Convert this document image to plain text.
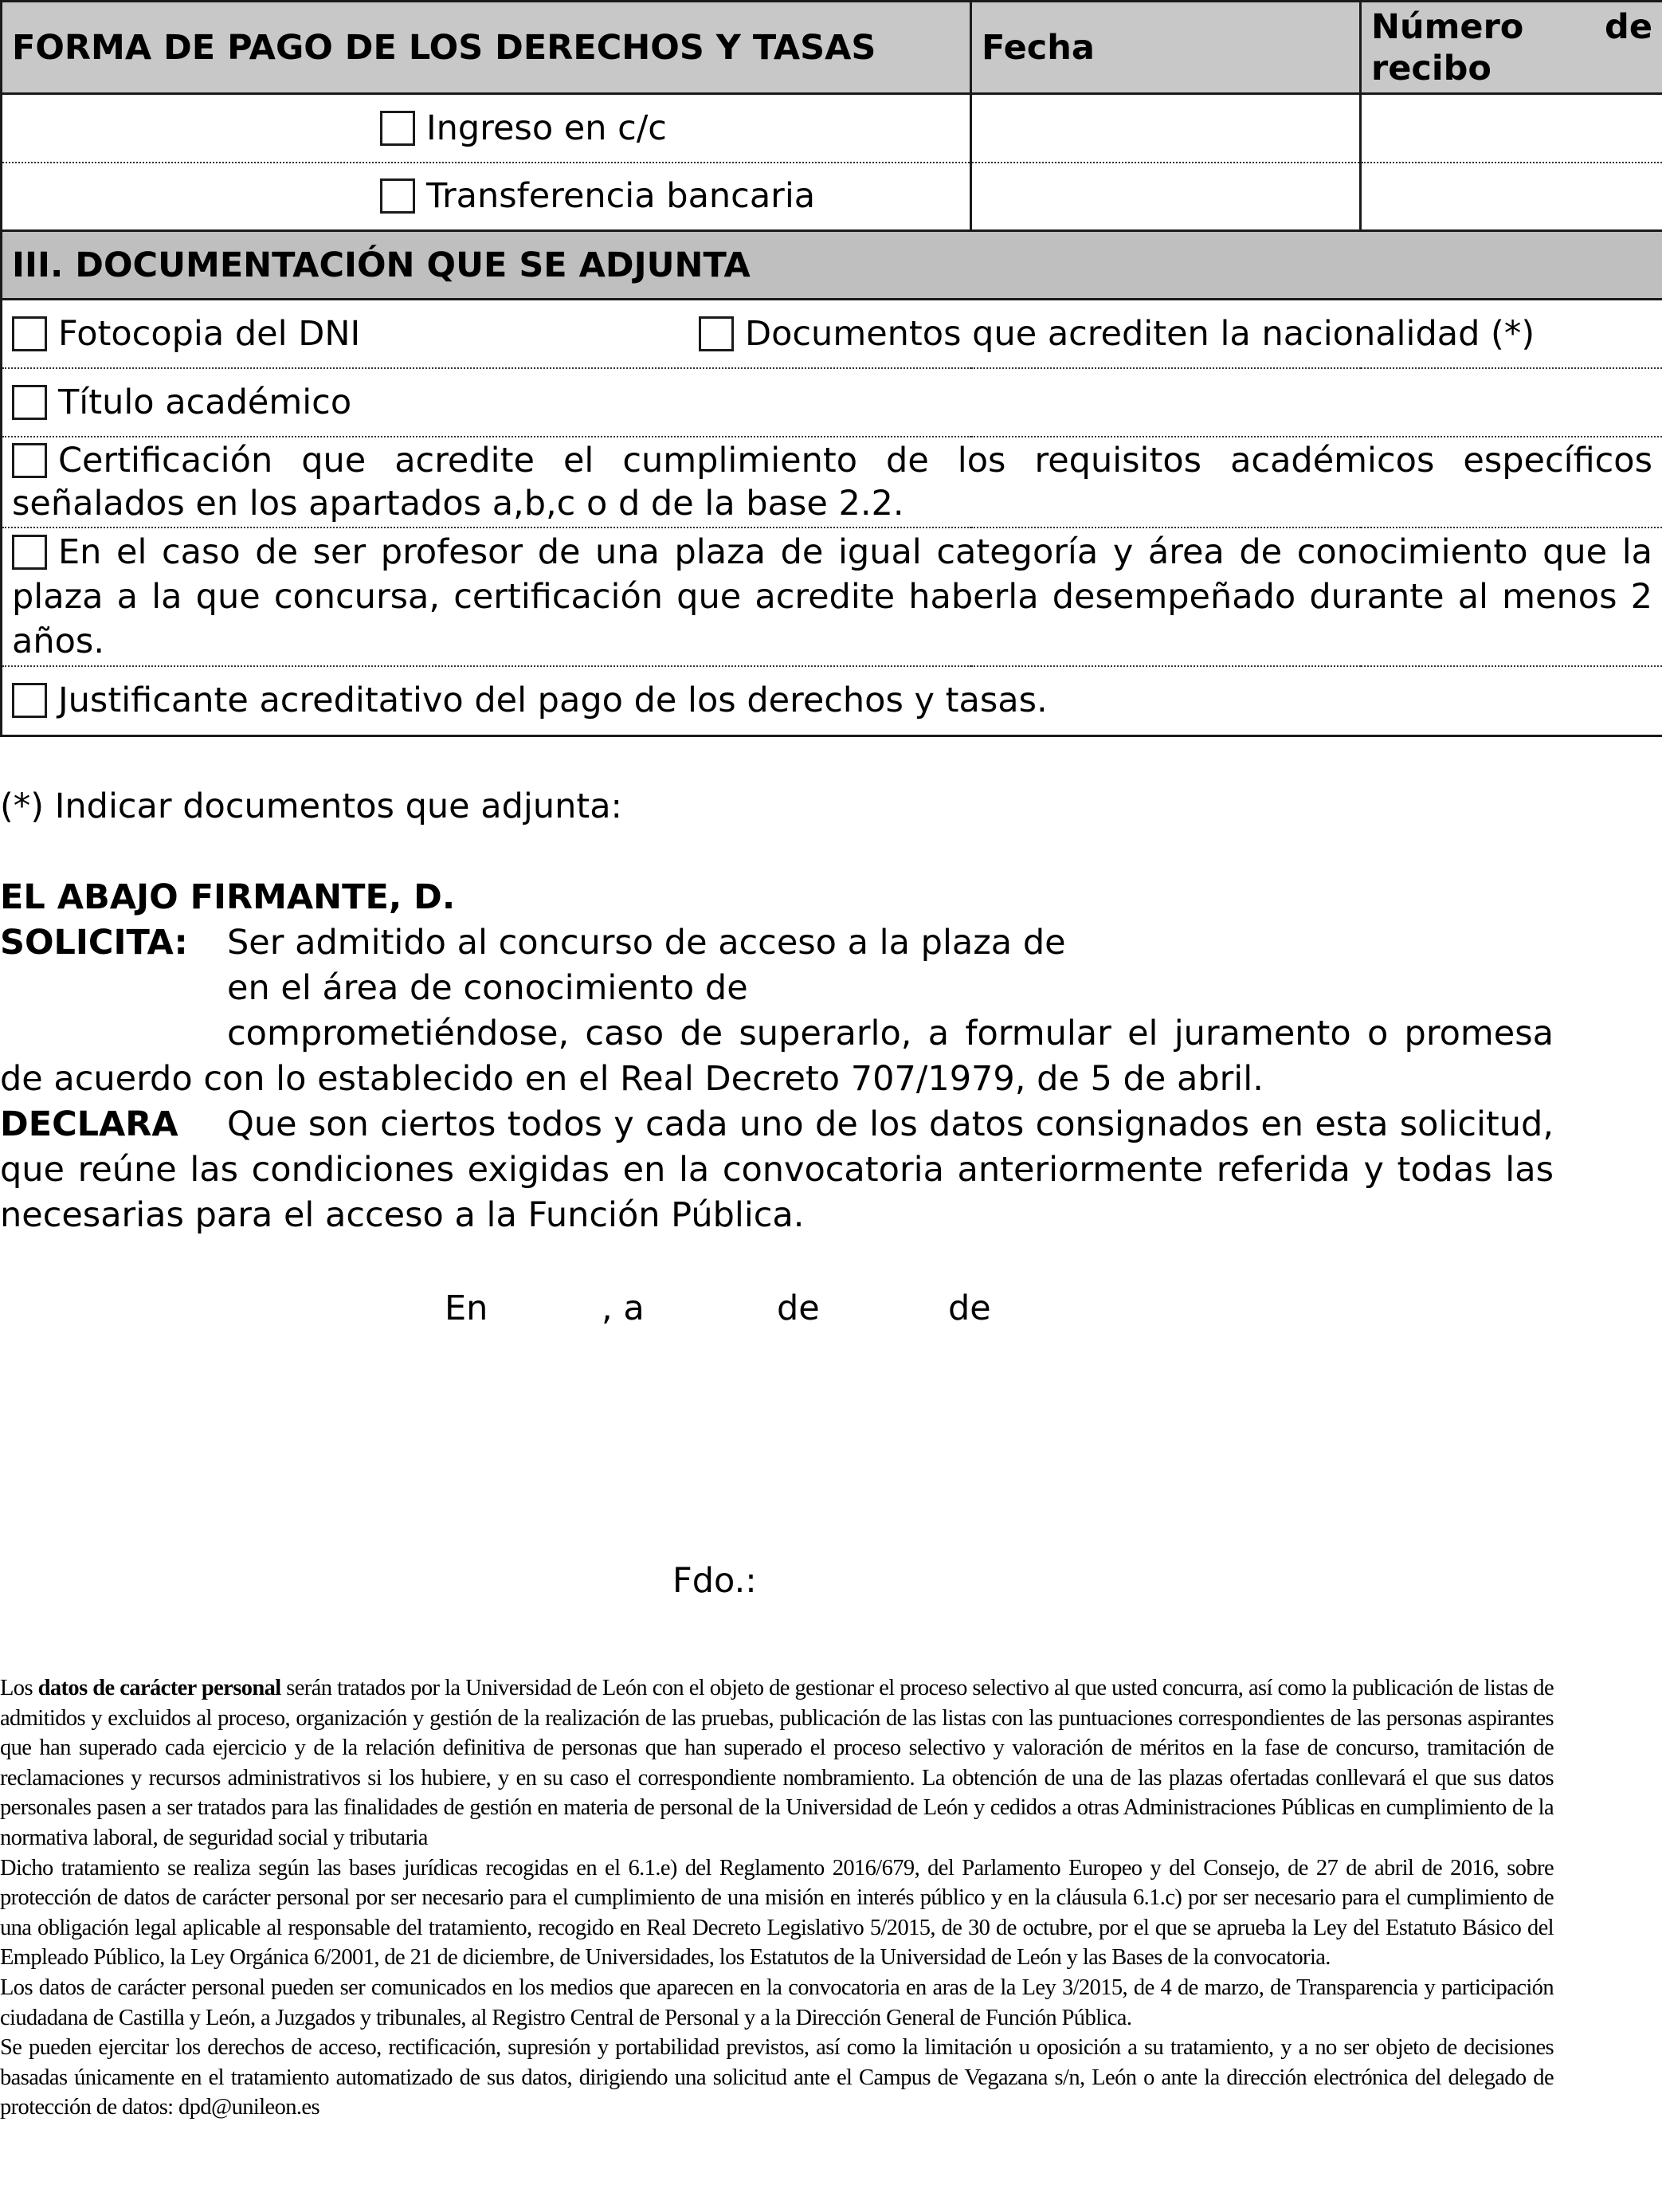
FORMA DE PAGO DE LOS DERECHOS Y TASAS	Fecha	Número de
recibo

Ingreso en c/c		
Transferencia bancaria		
III. DOCUMENTACIÓN QUE SE ADJUNTA		

Fotocopia del DNI Documentos que acrediten la nacionalidad (*)		

Título académico		
Certificación que acredite el cumplimiento de los requisitos académicos específicos señalados en los apartados a,b,c o d de la base 2.2.		
En el caso de ser profesor de una plaza de igual categoría y área de conocimiento que la plaza a la que concursa, certificación que acredite haberla desempeñado durante al menos 2 años.		
Justificante acreditativo del pago de los derechos y tasas.		
(*) Indicar documentos que adjunta:
EL ABAJO FIRMANTE, D.
SOLICITA: Ser admitido al concurso de acceso a la plaza de
en el área de conocimiento de
comprometiéndose, caso de superarlo, a formular el juramento o promesa de acuerdo con lo establecido en el Real Decreto 707/1979, de 5 de abril.
DECLARA Que son ciertos todos y cada uno de los datos consignados en esta solicitud, que reúne las condiciones exigidas en la convocatoria anteriormente referida y todas las necesarias para el acceso a la Función Pública.
En	, a	de	de
Fdo.:

Los datos de carácter personal serán tratados por la Universidad de León con el objeto de gestionar el proceso selectivo al que usted concurra, así como la publicación de listas de admitidos y excluidos al proceso, organización y gestión de la realización de las pruebas, publicación de las listas con las puntuaciones correspondientes de las personas aspirantes que han superado cada ejercicio y de la relación definitiva de personas que han superado el proceso selectivo y valoración de méritos en la fase de concurso, tramitación de reclamaciones y recursos administrativos si los hubiere, y en su caso el correspondiente nombramiento. La obtención de una de las plazas ofertadas conllevará el que sus datos personales pasen a ser tratados para las finalidades de gestión en materia de personal de la Universidad de León y cedidos a otras Administraciones Públicas en cumplimiento de la normativa laboral, de seguridad social y tributaria

Dicho tratamiento se realiza según las bases jurídicas recogidas en el 6.1.e) del Reglamento 2016/679, del Parlamento Europeo y del Consejo, de 27 de abril de 2016, sobre protección de datos de carácter personal por ser necesario para el cumplimiento de una misión en interés público y en la cláusula 6.1.c) por ser necesario para el cumplimiento de una obligación legal aplicable al responsable del tratamiento, recogido en Real Decreto Legislativo 5/2015, de 30 de octubre, por el que se aprueba la Ley del Estatuto Básico del Empleado Público, la Ley Orgánica 6/2001, de 21 de diciembre, de Universidades, los Estatutos de la Universidad de León y las Bases de la convocatoria.

Los datos de carácter personal pueden ser comunicados en los medios que aparecen en la convocatoria en aras de la Ley 3/2015, de 4 de marzo, de Transparencia y participación ciudadana de Castilla y León, a Juzgados y tribunales, al Registro Central de Personal y a la Dirección General de Función Pública.

Se pueden ejercitar los derechos de acceso, rectificación, supresión y portabilidad previstos, así como la limitación u oposición a su tratamiento, y a no ser objeto de decisiones basadas únicamente en el tratamiento automatizado de sus datos, dirigiendo una solicitud ante el Campus de Vegazana s/n, León o ante la dirección electrónica del delegado de protección de datos: dpd@unileon.es
